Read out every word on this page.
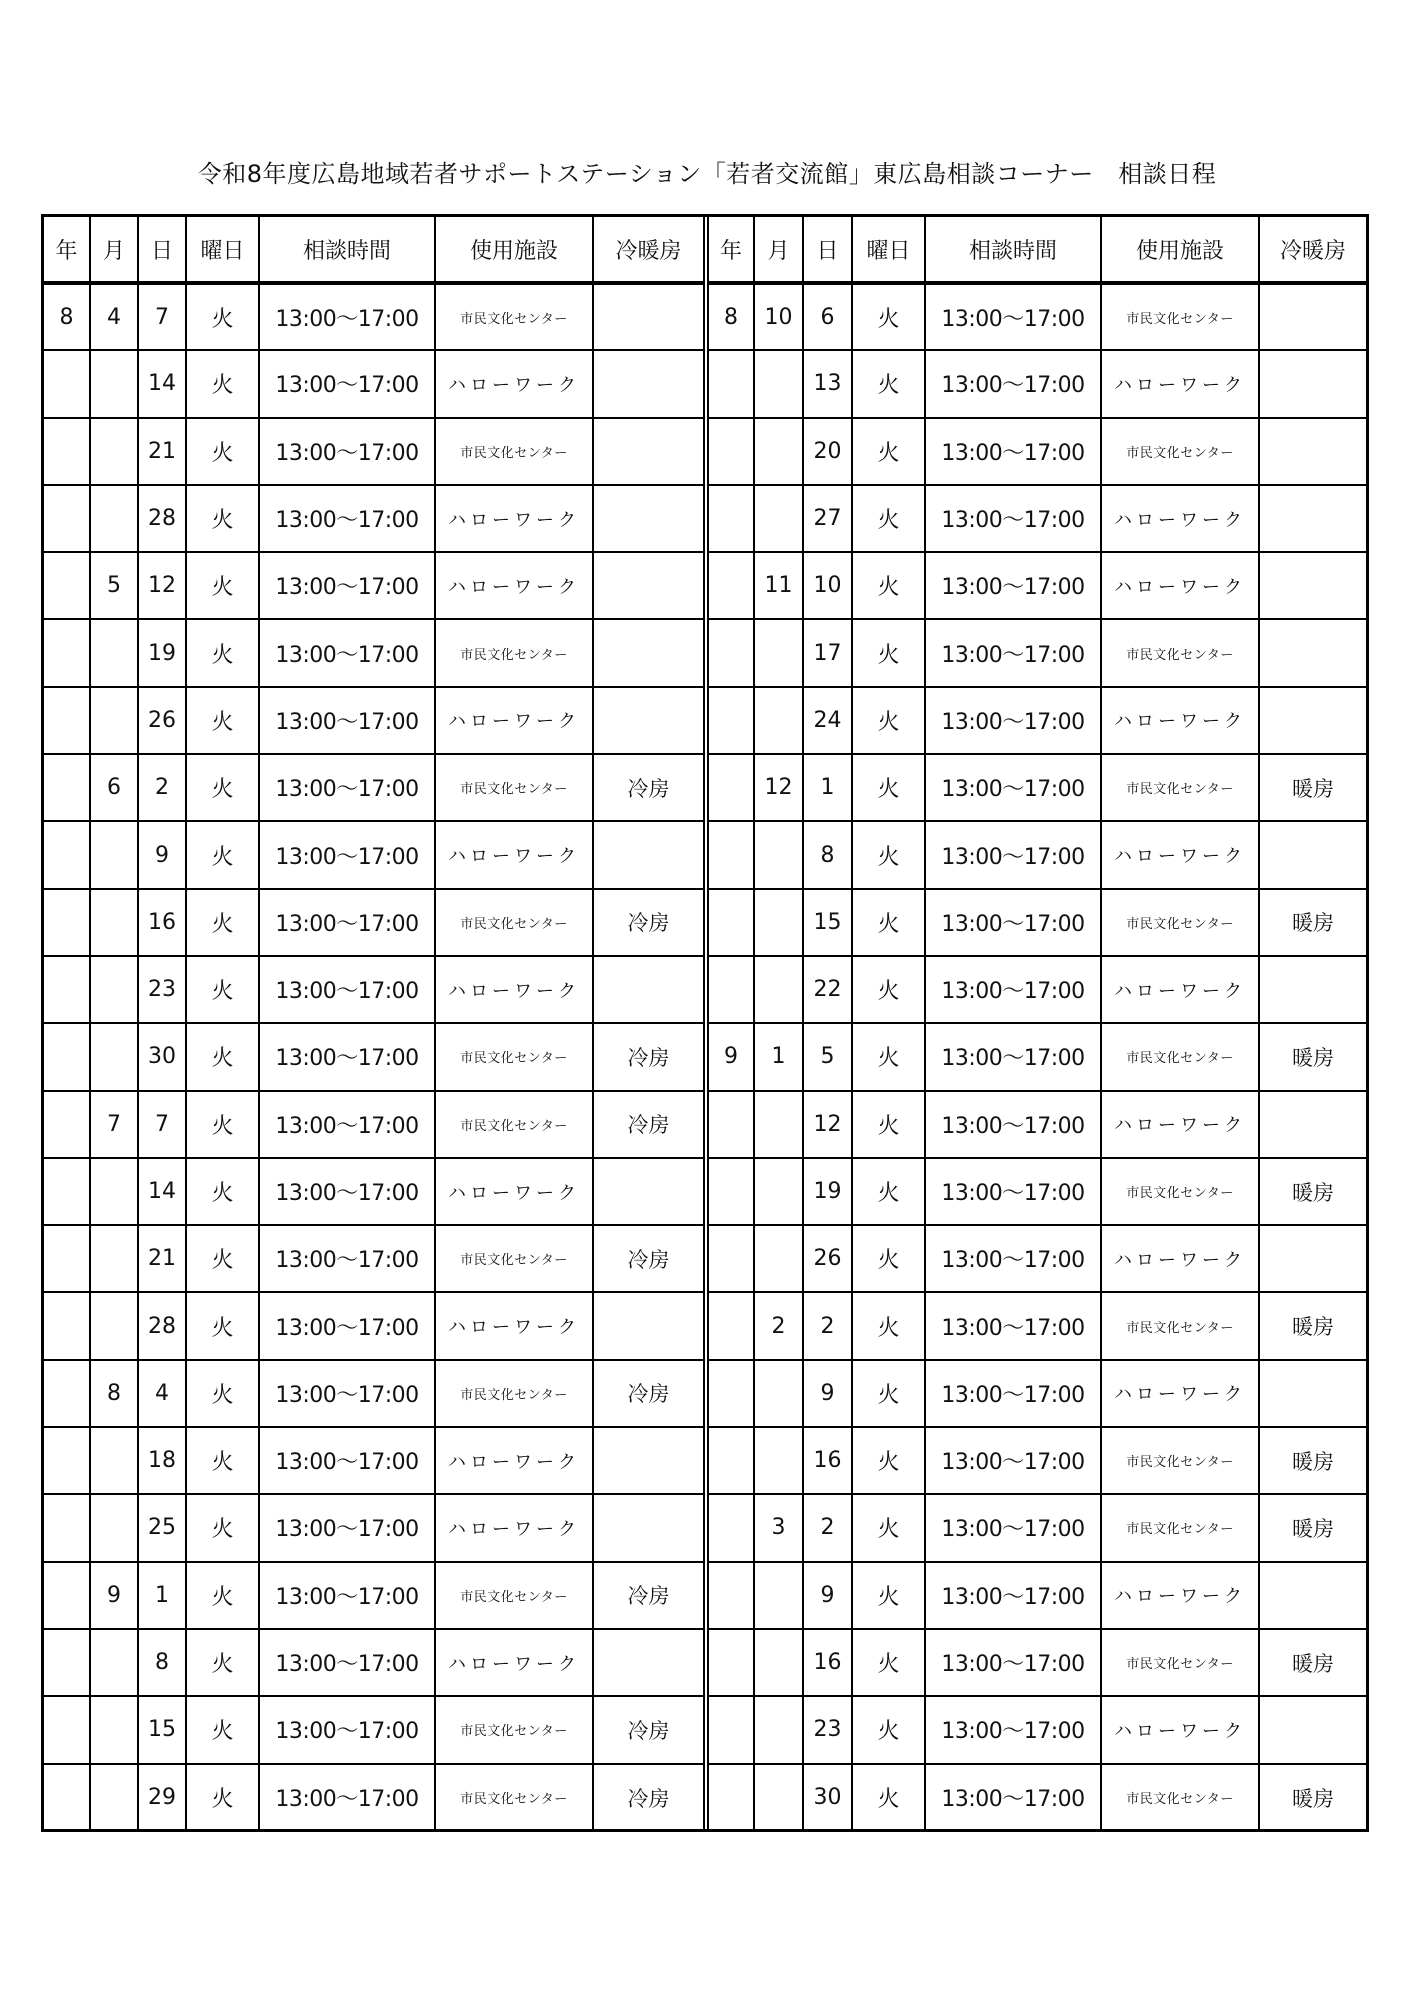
令和8年度広島地域若者サポートステーション「若者交流館」東広島相談コーナー　相談日程
年	月	日	曜日	相談時間	使用施設	冷暖房
8	4	7	火	13:00〜17:00	市民文化センター	
		14	火	13:00〜17:00	ハローワーク	
		21	火	13:00〜17:00	市民文化センター	
		28	火	13:00〜17:00	ハローワーク	
	5	12	火	13:00〜17:00	ハローワーク	
		19	火	13:00〜17:00	市民文化センター	
		26	火	13:00〜17:00	ハローワーク	
	6	2	火	13:00〜17:00	市民文化センター	冷房
		9	火	13:00〜17:00	ハローワーク	
		16	火	13:00〜17:00	市民文化センター	冷房
		23	火	13:00〜17:00	ハローワーク	
		30	火	13:00〜17:00	市民文化センター	冷房
	7	7	火	13:00〜17:00	市民文化センター	冷房
		14	火	13:00〜17:00	ハローワーク	
		21	火	13:00〜17:00	市民文化センター	冷房
		28	火	13:00〜17:00	ハローワーク	
	8	4	火	13:00〜17:00	市民文化センター	冷房
		18	火	13:00〜17:00	ハローワーク	
		25	火	13:00〜17:00	ハローワーク	
	9	1	火	13:00〜17:00	市民文化センター	冷房
		8	火	13:00〜17:00	ハローワーク	
		15	火	13:00〜17:00	市民文化センター	冷房
		29	火	13:00〜17:00	市民文化センター	冷房
年	月	日	曜日	相談時間	使用施設	冷暖房
8	10	6	火	13:00〜17:00	市民文化センター	
		13	火	13:00〜17:00	ハローワーク	
		20	火	13:00〜17:00	市民文化センター	
		27	火	13:00〜17:00	ハローワーク	
	11	10	火	13:00〜17:00	ハローワーク	
		17	火	13:00〜17:00	市民文化センター	
		24	火	13:00〜17:00	ハローワーク	
	12	1	火	13:00〜17:00	市民文化センター	暖房
		8	火	13:00〜17:00	ハローワーク	
		15	火	13:00〜17:00	市民文化センター	暖房
		22	火	13:00〜17:00	ハローワーク	
9	1	5	火	13:00〜17:00	市民文化センター	暖房
		12	火	13:00〜17:00	ハローワーク	
		19	火	13:00〜17:00	市民文化センター	暖房
		26	火	13:00〜17:00	ハローワーク	
	2	2	火	13:00〜17:00	市民文化センター	暖房
		9	火	13:00〜17:00	ハローワーク	
		16	火	13:00〜17:00	市民文化センター	暖房
	3	2	火	13:00〜17:00	市民文化センター	暖房
		9	火	13:00〜17:00	ハローワーク	
		16	火	13:00〜17:00	市民文化センター	暖房
		23	火	13:00〜17:00	ハローワーク	
		30	火	13:00〜17:00	市民文化センター	暖房
